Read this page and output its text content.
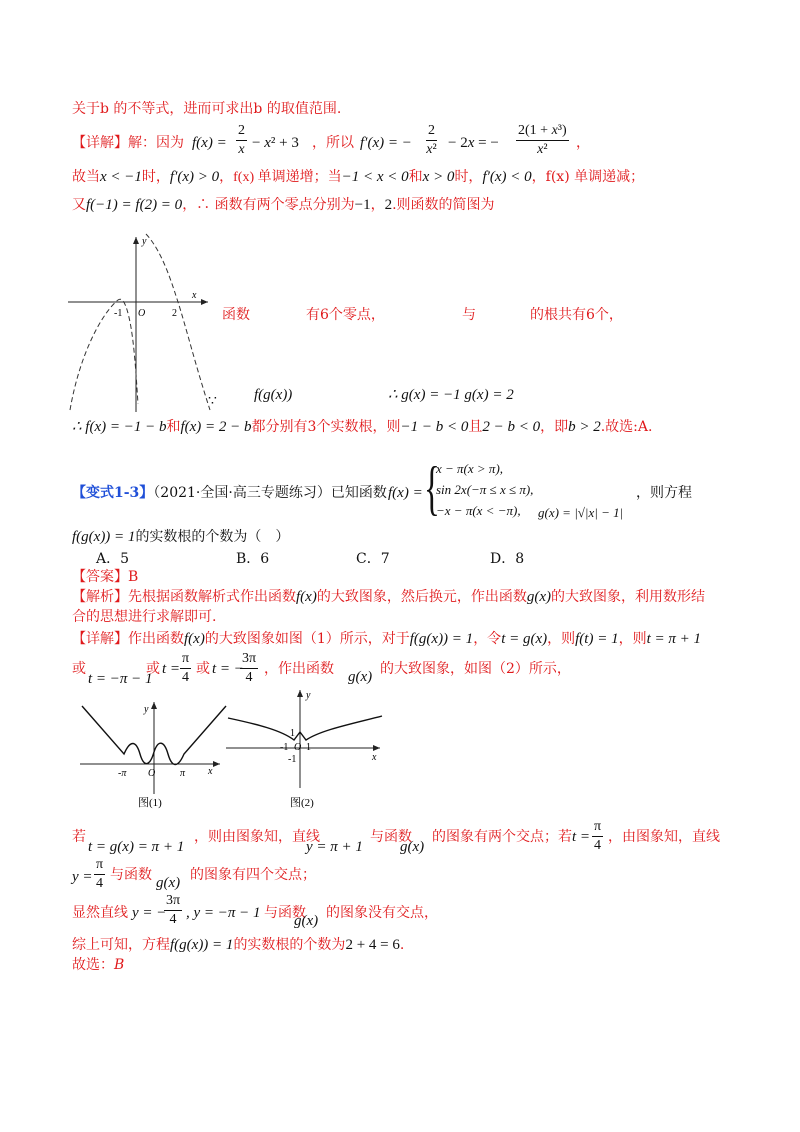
关于b 的不等式，进而可求出b 的取值范围.
【详解】解：因为 $f(x) = \frac{2}{x} - x^2 + 3$ ，所以 f′(x) = − $\frac{2}{\text{x²}} - 2x$ = − $\frac{\text{2(1 + x³)}}{\text{x²}}$ ，
故当x < −1时，f′(x) > 0，f(x) 单调递增；当−1 < x < 0和x > 0时，f′(x) < 0，f(x) 单调递减；
又f(−1) = f(2) = 0，∴ 函数有两个零点分别为−1，2.则函数的简图为
y
x
-1 O	2	函数	有6个零点，	与	的根共有6个，
∵ f(g(x))	∴ g(x) = −1 g(x) = 2
∴ f(x) = −1 − b和f(x) = 2 − b都分别有3个实数根，则−1 − b < 0且2 − b < 0，即b > 2.故选:A.
【变式1-3】（2021·全国·高三专题练习）已知函数 f(x) = {
x − π(x > π),
sin 2x(−π ≤ x ≤ π),
−x − π(x < −π), g(x) = |√|x| − 1|
，则方程
f(g(x)) = 1的实数根的个数为（　）
A．5	B．6	C．7	D．8
【答案】B
【解析】先根据函数解析式作出函数f(x)的大致图象，然后换元，作出函数g(x)的大致图象，利用数形结
合的思想进行求解即可.
【详解】作出函数f(x)的大致图象如图（1）所示，对于f(g(x)) = 1，令t = g(x)，则f(t) = 1，则t = π + 1
或
t = −π − 1
或 $t = \frac{\pi}{4}$ 或 t = −
$\frac{3\pi}{4}$ ，作出函数 g(x) 的大致图象，如图（2）所示，
y
x
-π O π
图(1)
y
x
1
-1 O 1
-1
图(2)
若
t = g(x) = π + 1
，则由图象知，直线
y = π + 1
与函数
g(x)
的图象有两个交点；若 $t = \frac{\pi}{4}$ ，由图象知，直线
$y = \frac{\pi}{4}$ 与函数 g(x) 的图象有四个交点；
显然直线 y = −
$\frac{3\pi}{4}$ , y = −π − 1 与函数
g(x) 的图象没有交点，
综上可知，方程f(g(x)) = 1的实数根的个数为2 + 4 = 6.
故选：B
